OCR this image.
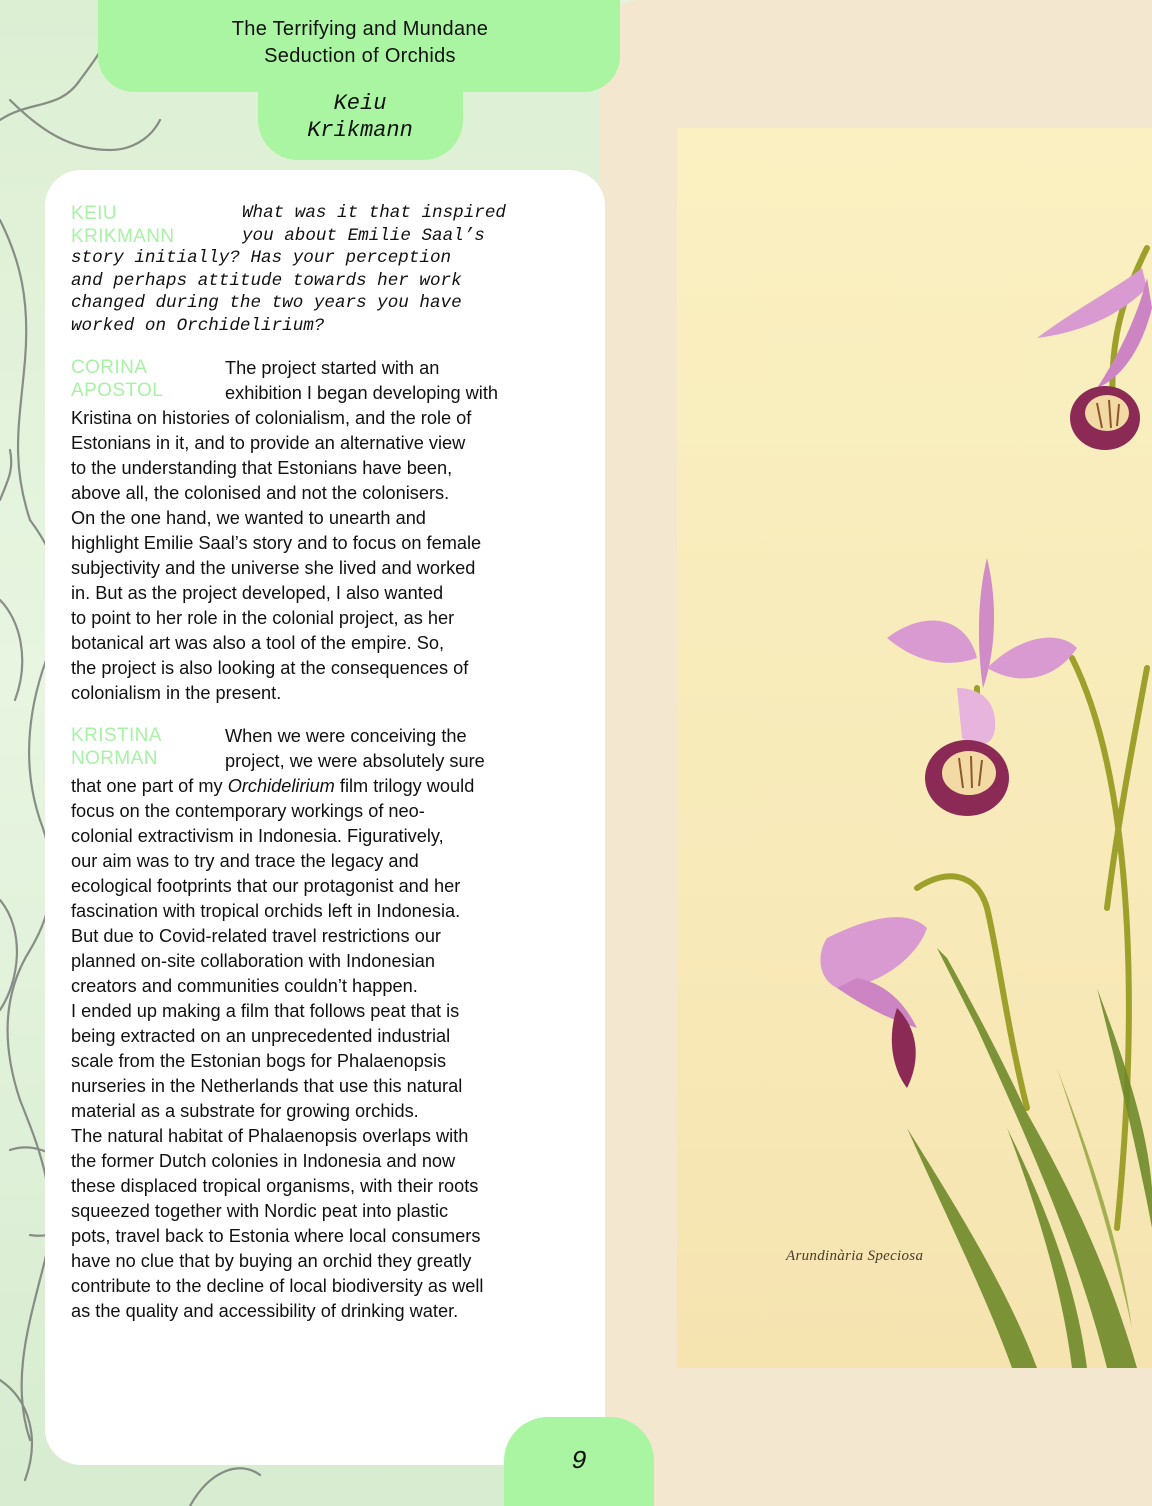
Arundinària Speciosa
The Terrifying and Mundane
Seduction of Orchids
Keiu
Krikmann
KEIU
KRIKMANN

What was it that inspired
you about Emilie Saal’s
story initially? Has your perception
and perhaps attitude towards her work
changed during the two years you have
worked on Orchidelirium?

CORINA
APOSTOL

The project started with an
exhibition I began developing with
Kristina on histories of colonialism, and the role of
Estonians in it, and to provide an alternative view
to the understanding that Estonians have been,
above all, the colonised and not the colonisers.
On the one hand, we wanted to unearth and
highlight Emilie Saal’s story and to focus on female
subjectivity and the universe she lived and worked
in. But as the project developed, I also wanted
to point to her role in the colonial project, as her
botanical art was also a tool of the empire. So,
the project is also looking at the consequences of
colonialism in the present.

KRISTINA
NORMAN

When we were conceiving the
project, we were absolutely sure
that one part of my Orchidelirium film trilogy would
focus on the contemporary workings of neo-
colonial extractivism in Indonesia. Figuratively,
our aim was to try and trace the legacy and
ecological footprints that our protagonist and her
fascination with tropical orchids left in Indonesia.
But due to Covid-related travel restrictions our
planned on-site collaboration with Indonesian
creators and communities couldn’t happen.
I ended up making a film that follows peat that is
being extracted on an unprecedented industrial
scale from the Estonian bogs for Phalaenopsis
nurseries in the Netherlands that use this natural
material as a substrate for growing orchids.
The natural habitat of Phalaenopsis overlaps with
the former Dutch colonies in Indonesia and now
these displaced tropical organisms, with their roots
squeezed together with Nordic peat into plastic
pots, travel back to Estonia where local consumers
have no clue that by buying an orchid they greatly
contribute to the decline of local biodiversity as well
as the quality and accessibility of drinking water.

9
